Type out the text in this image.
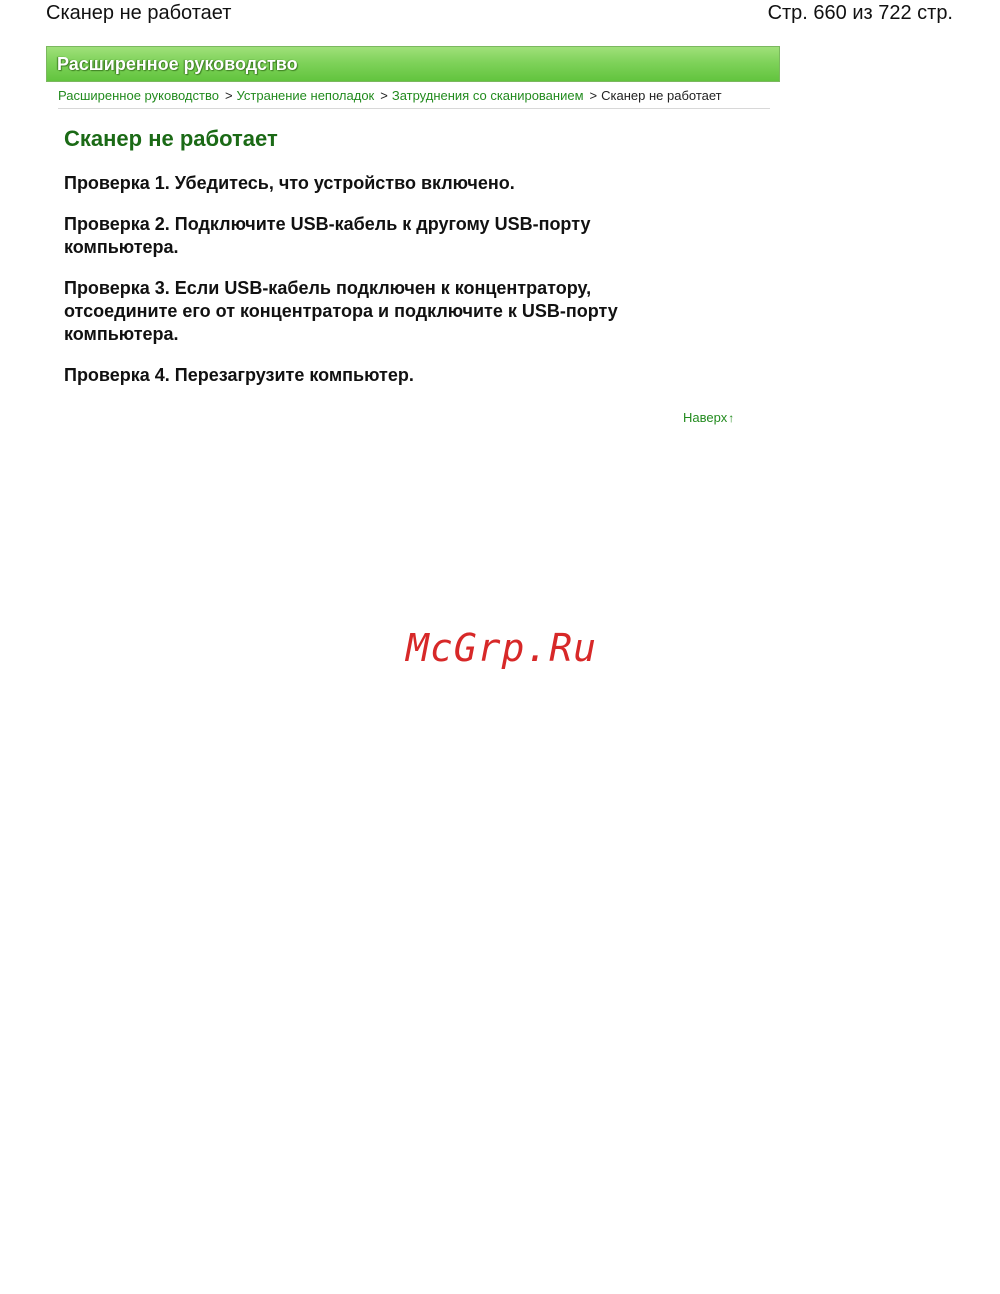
Сканер не работает	Стр. 660 из 722 стр.
Расширенное руководство
Расширенное руководство > Устранение неполадок > Затруднения со сканированием > Сканер не работает
Сканер не работает

Проверка 1. Убедитесь, что устройство включено.

Проверка 2. Подключите USB-кабель к другому USB-порту компьютера.

Проверка 3. Если USB-кабель подключен к концентратору, отсоедините его от концентратора и подключите к USB-порту компьютера.

Проверка 4. Перезагрузите компьютер.

Наверх↑
McGrp.Ru
